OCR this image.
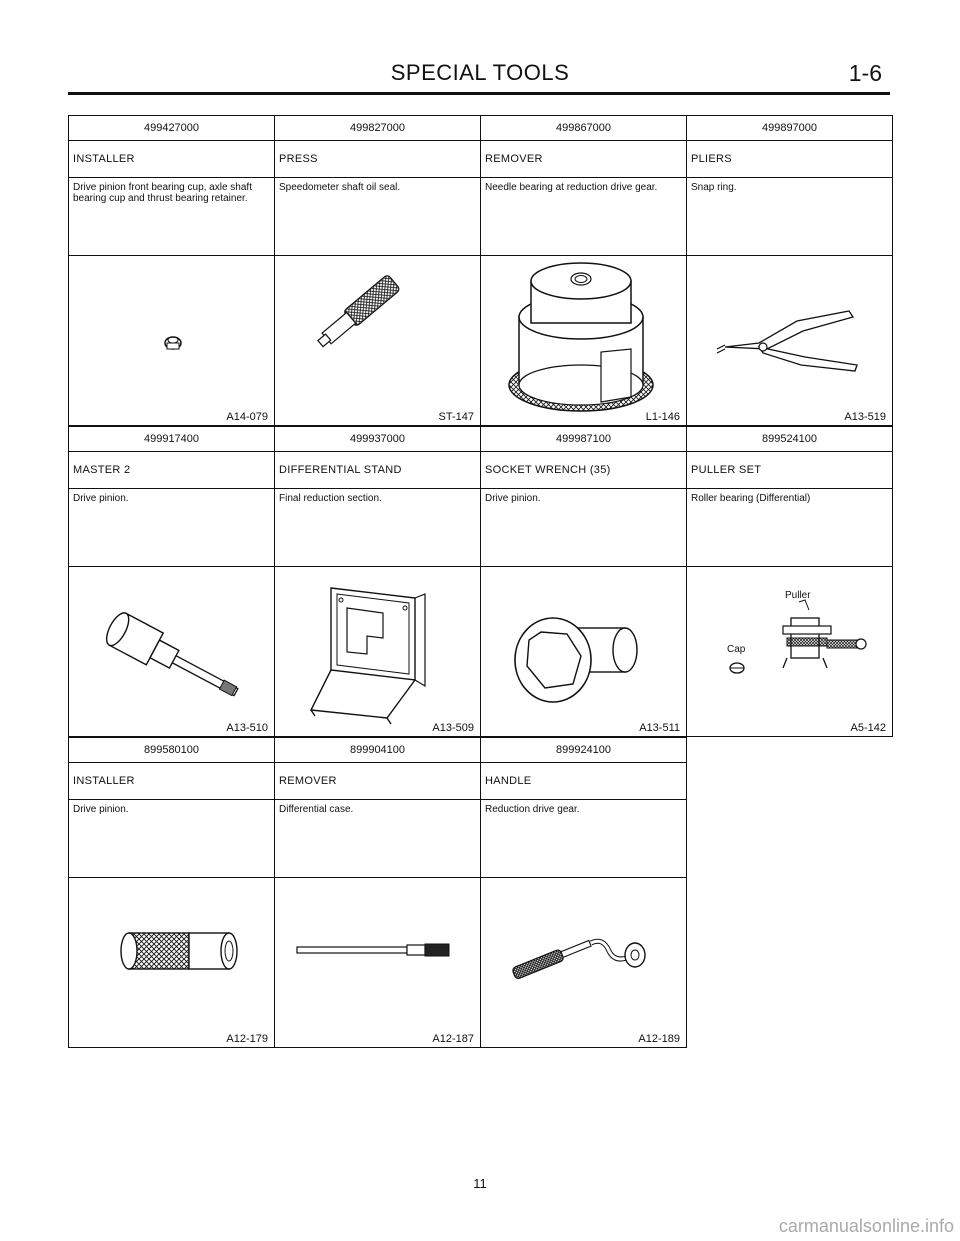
SPECIAL TOOLS	1-6
499427000
INSTALLER
Drive pinion front bearing cup, axle shaft bearing cup and thrust bearing retainer.
A14-079
499827000
PRESS
Speedometer shaft oil seal.
ST-147
499867000
REMOVER
Needle bearing at reduction drive gear.
L1-146
499897000
PLIERS
Snap ring.
A13-519
499917400
MASTER 2
Drive pinion.
A13-510
499937000
DIFFERENTIAL STAND
Final reduction section.
A13-509
499987100
SOCKET WRENCH (35)
Drive pinion.
A13-511
899524100
PULLER SET
Roller bearing (Differential)
Puller
Cap
A5-142
899580100
INSTALLER
Drive pinion.
A12-179
899904100
REMOVER
Differential case.
A12-187
899924100
HANDLE
Reduction drive gear.
A12-189
11
carmanualsonline.info
